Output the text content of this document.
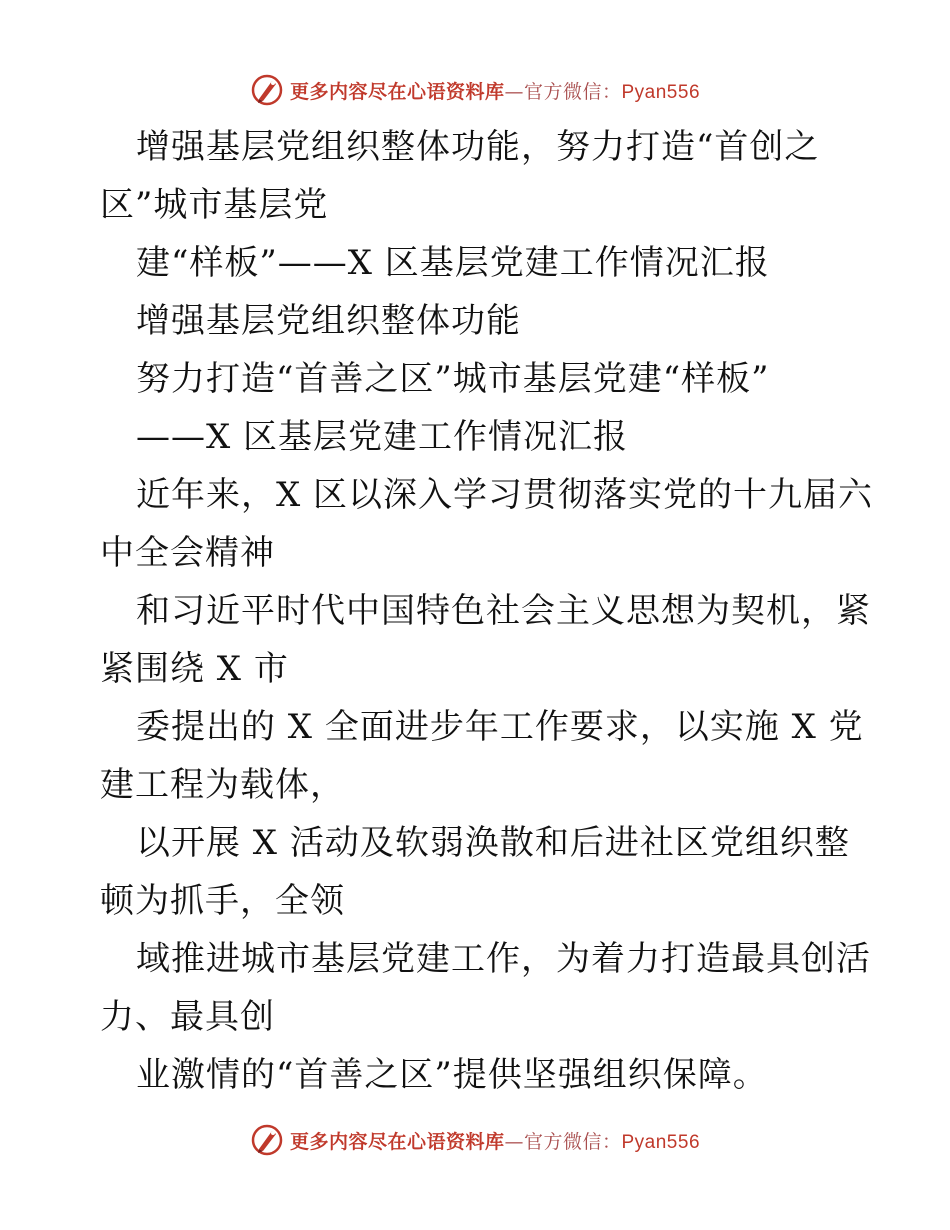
更多内容尽在心语资料库—官方微信：Pyan556
增强基层党组织整体功能，努力打造“首创之
区”城市基层党
建“样板”——X 区基层党建工作情况汇报
增强基层党组织整体功能
努力打造“首善之区”城市基层党建“样板”
——X 区基层党建工作情况汇报
近年来，X 区以深入学习贯彻落实党的十九届六
中全会精神
和习近平时代中国特色社会主义思想为契机，紧
紧围绕 X 市
委提出的 X 全面进步年工作要求，以实施 X 党
建工程为载体，
以开展 X 活动及软弱涣散和后进社区党组织整
顿为抓手，全领
域推进城市基层党建工作，为着力打造最具创活
力、最具创
业激情的“首善之区”提供坚强组织保障。
更多内容尽在心语资料库—官方微信：Pyan556
